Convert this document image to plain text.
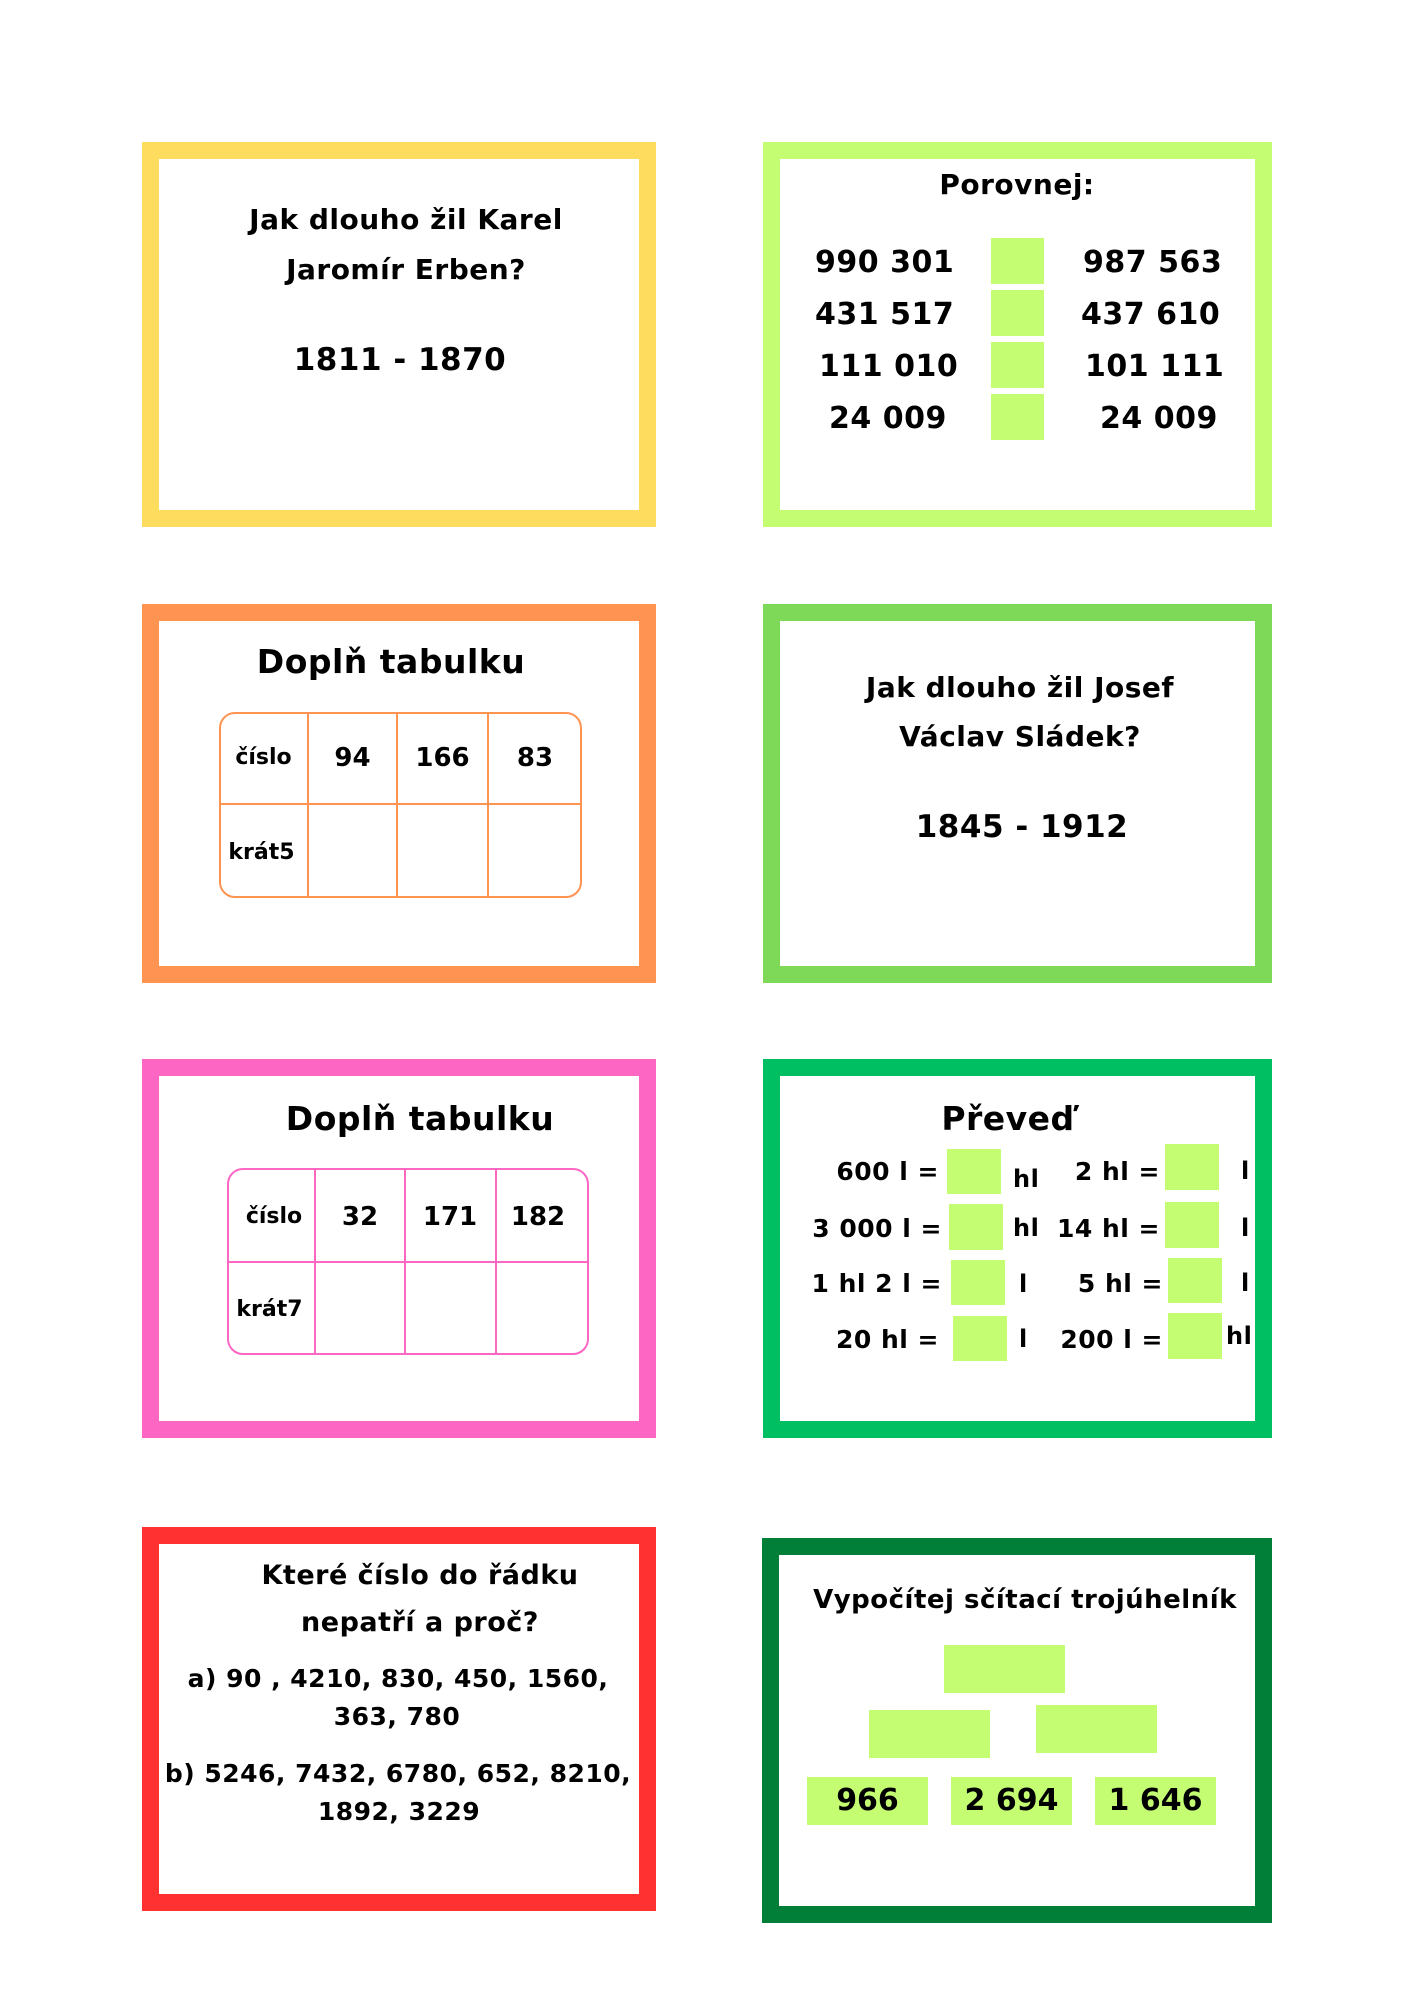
Jak dlouho žil Karel
Jaromír Erben?
1811 - 1870
Porovnej:
990 301	987 563
431 517	437 610
111 010	101 111
24 009	24 009
Doplň tabulku
číslo	94	166	83
krát5
Jak dlouho žil Josef
Václav Sládek?
1845 - 1912
Doplň tabulku
číslo	32	171	182
krát7
Převeď
600 l =	hl
3 000 l =	hl
1 hl 2 l =	l
20 hl =	l
2 hl =	l
14 hl =	l
5 hl =	l
200 l =	hl
Které číslo do řádku
nepatří a proč?
a) 90 , 4210, 830, 450, 1560,
363, 780
b) 5246, 7432, 6780, 652, 8210,
1892, 3229
Vypočítej sčítací trojúhelník
966	2 694	1 646
